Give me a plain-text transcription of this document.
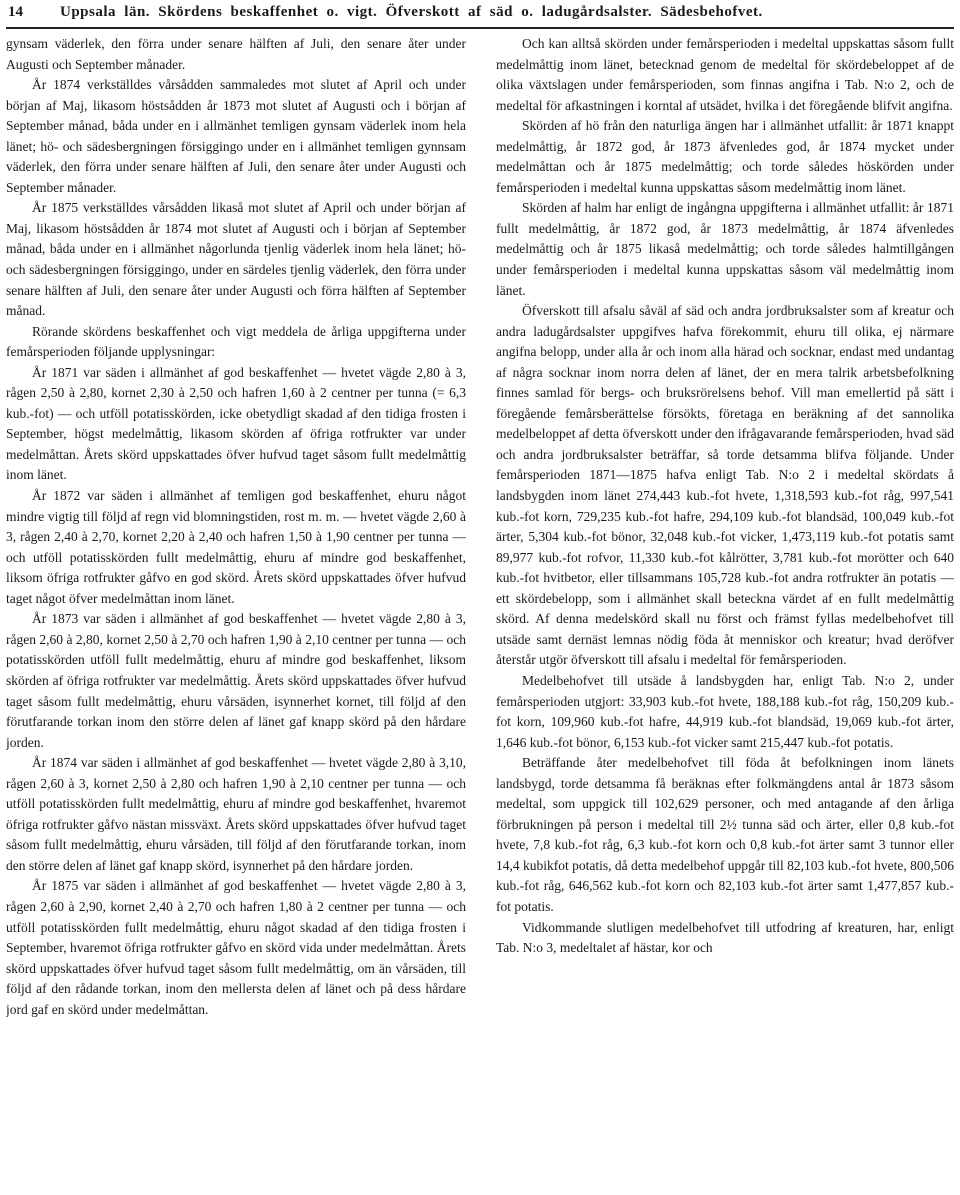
14	Uppsala län. Skördens beskaffenhet o. vigt. Öfverskott af säd o. ladugårdsalster. Sädesbehofvet.

gynsam väderlek, den förra under senare hälften af Juli, den senare åter under Augusti och September månader.

År 1874 verkställdes vårsådden sammaledes mot slutet af April och under början af Maj, likasom höstsådden år 1873 mot slutet af Augusti och i början af September månad, båda under en i allmänhet temligen gynsam väderlek inom hela länet; hö- och sädesbergningen försiggingo under en i allmänhet temligen gynnsam väderlek, den förra under senare hälften af Juli, den senare åter under Augusti och September månader.

År 1875 verkställdes vårsådden likaså mot slutet af April och under början af Maj, likasom höstsådden år 1874 mot slutet af Augusti och i början af September månad, båda under en i allmänhet någorlunda tjenlig väderlek inom hela länet; hö- och sädesbergningen försiggingo, under en särdeles tjenlig väderlek, den förra under senare hälften af Juli, den senare åter under Augusti och förra hälften af September månad.

Rörande skördens beskaffenhet och vigt meddela de årliga uppgifterna under femårsperioden följande upplysningar:

År 1871 var säden i allmänhet af god beskaffenhet — hvetet vägde 2,80 à 3, rågen 2,50 à 2,80, kornet 2,30 à 2,50 och hafren 1,60 à 2 centner per tunna (= 6,3 kub.-fot) — och utföll potatisskörden, icke obetydligt skadad af den tidiga frosten i September, högst medelmåttig, likasom skörden af öfriga rotfrukter var under medelmåttan. Årets skörd uppskattades öfver hufvud taget såsom fullt medelmåttig inom länet.

År 1872 var säden i allmänhet af temligen god beskaffenhet, ehuru något mindre vigtig till följd af regn vid blomningstiden, rost m. m. — hvetet vägde 2,60 à 3, rågen 2,40 à 2,70, kornet 2,20 à 2,40 och hafren 1,50 à 1,90 centner per tunna — och utföll potatisskörden fullt medelmåttig, ehuru af mindre god beskaffenhet, liksom öfriga rotfrukter gåfvo en god skörd. Årets skörd uppskattades öfver hufvud taget något öfver medelmåttan inom länet.

År 1873 var säden i allmänhet af god beskaffenhet — hvetet vägde 2,80 à 3, rågen 2,60 à 2,80, kornet 2,50 à 2,70 och hafren 1,90 à 2,10 centner per tunna — och potatisskörden utföll fullt medelmåttig, ehuru af mindre god beskaffenhet, liksom skörden af öfriga rotfrukter var medelmåttig. Årets skörd uppskattades öfver hufvud taget såsom fullt medelmåttig, ehuru vårsäden, isynnerhet kornet, till följd af den förutfarande torkan inom den större delen af länet gaf knapp skörd på den hårdare jorden.

År 1874 var säden i allmänhet af god beskaffenhet — hvetet vägde 2,80 à 3,10, rågen 2,60 à 3, kornet 2,50 à 2,80 och hafren 1,90 à 2,10 centner per tunna — och utföll potatisskörden fullt medelmåttig, ehuru af mindre god beskaffenhet, hvaremot öfriga rotfrukter gåfvo nästan missväxt. Årets skörd uppskattades öfver hufvud taget såsom fullt medelmåttig, ehuru vårsäden, till följd af den förutfarande torkan, inom den större delen af länet gaf knapp skörd, isynnerhet på den hårdare jorden.

År 1875 var säden i allmänhet af god beskaffenhet — hvetet vägde 2,80 à 3, rågen 2,60 à 2,90, kornet 2,40 à 2,70 och hafren 1,80 à 2 centner per tunna — och utföll potatisskörden fullt medelmåttig, ehuru något skadad af den tidiga frosten i September, hvaremot öfriga rotfrukter gåfvo en skörd vida under medelmåttan. Årets skörd uppskattades öfver hufvud taget såsom fullt medelmåttig, om än vårsäden, till följd af den rådande torkan, inom den mellersta delen af länet och på dess hårdare jord gaf en skörd under medelmåttan.

Och kan alltså skörden under femårsperioden i medeltal uppskattas såsom fullt medelmåttig inom länet, betecknad genom de medeltal för skördebeloppet af de olika växtslagen under femårsperioden, som finnas angifna i Tab. N:o 2, och de medeltal för afkastningen i korntal af utsädet, hvilka i det föregående blifvit angifna.

Skörden af hö från den naturliga ängen har i allmänhet utfallit: år 1871 knappt medelmåttig, år 1872 god, år 1873 äfvenledes god, år 1874 mycket under medelmåttan och år 1875 medelmåttig; och torde således höskörden under femårsperioden i medeltal kunna uppskattas såsom medelmåttig inom länet.

Skörden af halm har enligt de ingångna uppgifterna i allmänhet utfallit: år 1871 fullt medelmåttig, år 1872 god, år 1873 medelmåttig, år 1874 äfvenledes medelmåttig och år 1875 likaså medelmåttig; och torde således halmtillgången under femårsperioden i medeltal kunna uppskattas såsom väl medelmåttig inom länet.

Öfverskott till afsalu såväl af säd och andra jordbruksalster som af kreatur och andra ladugårdsalster uppgifves hafva förekommit, ehuru till olika, ej närmare angifna belopp, under alla år och inom alla härad och socknar, endast med undantag af några socknar inom norra delen af länet, der en mera talrik arbetsbefolkning finnes samlad för bergs- och bruksrörelsens behof. Vill man emellertid på sätt i föregående femårsberättelse försökts, företaga en beräkning af det sannolika medelbeloppet af detta öfverskott under den ifrågavarande femårsperioden, hvad säd och andra jordbruksalster beträffar, så torde detsamma blifva följande. Under femårsperioden 1871—1875 hafva enligt Tab. N:o 2 i medeltal skördats å landsbygden inom länet 274,443 kub.-fot hvete, 1,318,593 kub.-fot råg, 997,541 kub.-fot korn, 729,235 kub.-fot hafre, 294,109 kub.-fot blandsäd, 100,049 kub.-fot ärter, 5,304 kub.-fot bönor, 32,048 kub.-fot vicker, 1,473,119 kub.-fot potatis samt 89,977 kub.-fot rofvor, 11,330 kub.-fot kålrötter, 3,781 kub.-fot morötter och 640 kub.-fot hvitbetor, eller tillsammans 105,728 kub.-fot andra rotfrukter än potatis — ett skördebelopp, som i allmänhet skall betecknа värdet af en fullt medelmåttig skörd. Af denna medelskörd skall nu först och främst fyllas medelbehofvet till utsäde samt dernäst lemnas nödig föda åt menniskor och kreatur; hvad deröfver återstår utgör öfverskott till afsalu i medeltal för femårsperioden.

Medelbehofvet till utsäde å landsbygden har, enligt Tab. N:o 2, under femårsperioden utgjort: 33,903 kub.-fot hvete, 188,188 kub.-fot råg, 150,209 kub.-fot korn, 109,960 kub.-fot hafre, 44,919 kub.-fot blandsäd, 19,069 kub.-fot ärter, 1,646 kub.-fot bönor, 6,153 kub.-fot vicker samt 215,447 kub.-fot potatis.

Beträffande åter medelbehofvet till föda åt befolkningen inom länets landsbygd, torde detsamma få beräknas efter folkmängdens antal år 1873 såsom medeltal, som uppgick till 102,629 personer, och med antagande af den årliga förbrukningen på person i medeltal till 2½ tunna säd och ärter, eller 0,8 kub.-fot hvete, 7,8 kub.-fot råg, 6,3 kub.-fot korn och 0,8 kub.-fot ärter samt 3 tunnor eller 14,4 kubikfot potatis, då detta medelbehof uppgår till 82,103 kub.-fot hvete, 800,506 kub.-fot råg, 646,562 kub.-fot korn och 82,103 kub.-fot ärter samt 1,477,857 kub.-fot potatis.

Vidkommande slutligen medelbehofvet till utfodring af kreaturen, har, enligt Tab. N:o 3, medeltalet af hästar, kor och
